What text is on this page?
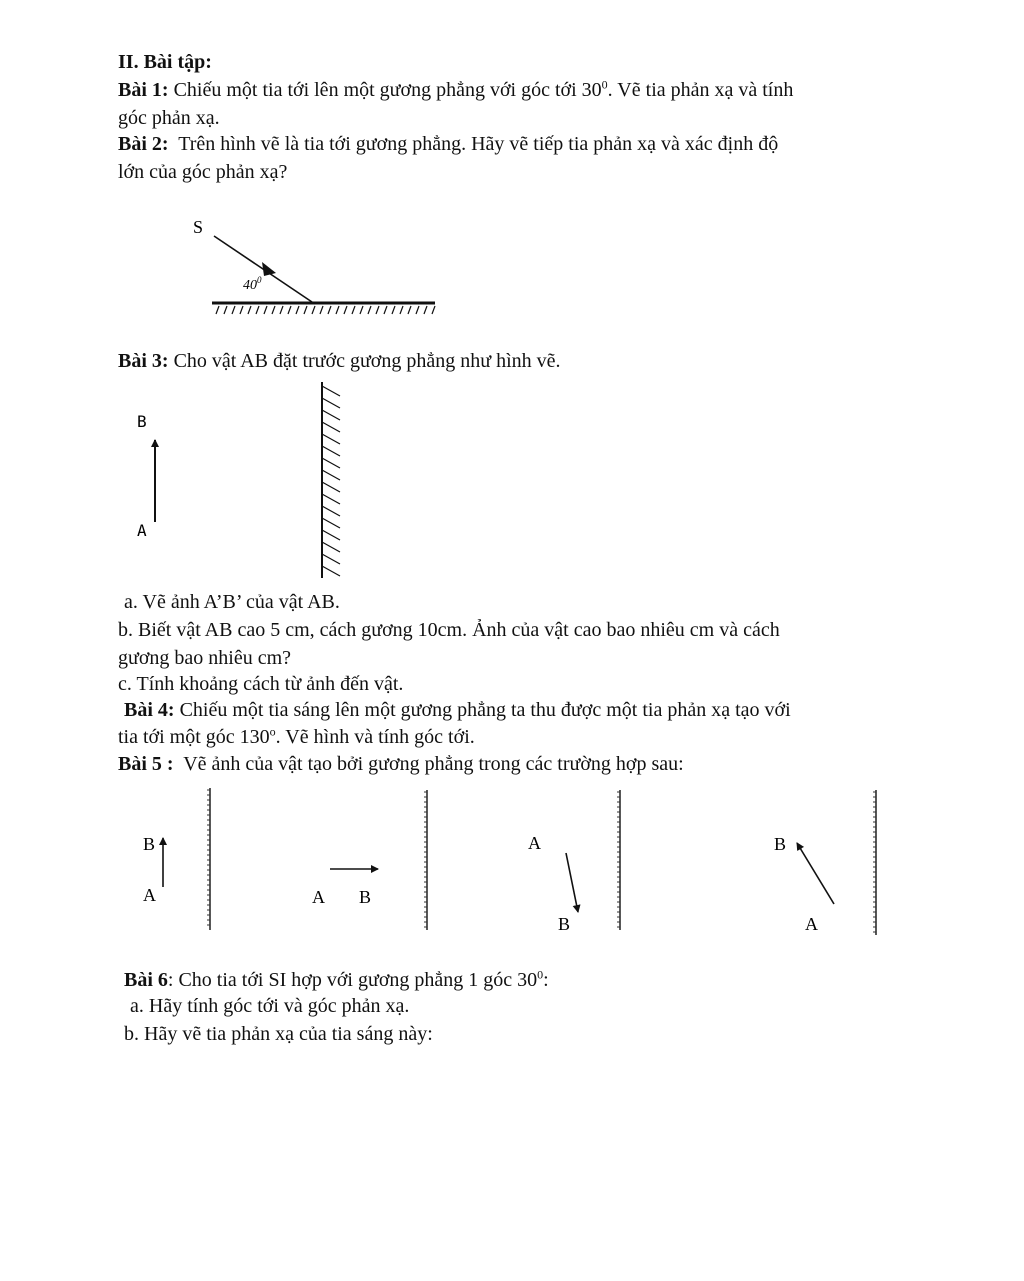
II. Bài tập:
Bài 1: Chiếu một tia tới lên một gương phẳng với góc tới $30^0$. Vẽ tia phản xạ và tính
góc phản xạ.
Bài 2: Trên hình vẽ là tia tới gương phẳng. Hãy vẽ tiếp tia phản xạ và xác định độ
lớn của góc phản xạ?
Bài 3: Cho vật AB đặt trước gương phẳng như hình vẽ.
a. Vẽ ảnh A’B’ của vật AB.
b. Biết vật AB cao 5 cm, cách gương 10cm. Ảnh của vật cao bao nhiêu cm và cách
gương bao nhiêu cm?
c. Tính khoảng cách từ ảnh đến vật.
Bài 4: Chiếu một tia sáng lên một gương phẳng ta thu được một tia phản xạ tạo với
tia tới một góc 130$^o$. Vẽ hình và tính góc tới.
Bài 5 : Vẽ ảnh của vật tạo bởi gương phẳng trong các trường hợp sau:
Bài 6: Cho tia tới SI hợp với gương phẳng 1 góc $30^0$:
a. Hãy tính góc tới và góc phản xạ.
b. Hãy vẽ tia phản xạ của tia sáng này:
S
$40^0$
B
A
B
A	A B
A
B
B
A
